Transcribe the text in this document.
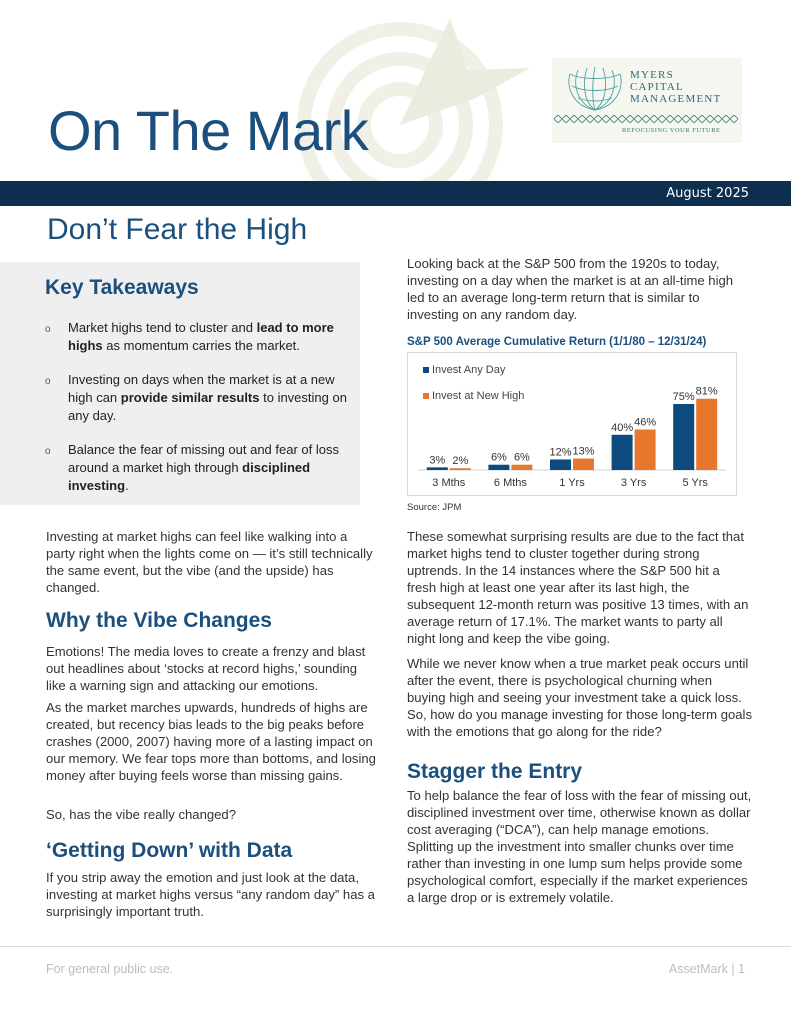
On The Mark
MYERS CAPITAL MANAGEMENT
REFOCUSING YOUR FUTURE
August 2025
Don’t Fear the High
Key Takeaways
o Market highs tend to cluster and lead to more highs as momentum carries the market.
o Investing on days when the market is at a new high can provide similar results to investing on any day.
o Balance the fear of missing out and fear of loss around a market high through disciplined investing.

Investing at market highs can feel like walking into a party right when the lights come on — it’s still technically the same event, but the vibe (and the upside) has changed.

Why the Vibe Changes

Emotions! The media loves to create a frenzy and blast out headlines about ‘stocks at record highs,’ sounding like a warning sign and attacking our emotions.

As the market marches upwards, hundreds of highs are created, but recency bias leads to the big peaks before crashes (2000, 2007) having more of a lasting impact on our memory. We fear tops more than bottoms, and losing money after buying feels worse than missing gains.

So, has the vibe really changed?

‘Getting Down’ with Data

If you strip away the emotion and just look at the data, investing at market highs versus “any random day” has a surprisingly important truth.

Looking back at the S&P 500 from the 1920s to today, investing on a day when the market is at an all-time high led to an average long-term return that is similar to investing on any random day.

S&P 500 Average Cumulative Return (1/1/80 – 12/31/24)
3% 2%
3 Mths
6% 6%
6 Mths
12% 13%
1 Yrs
40% 46%
3 Yrs
75% 81%
5 Yrs
Invest Any Day
Invest at New High
Source: JPM

These somewhat surprising results are due to the fact that market highs tend to cluster together during strong uptrends. In the 14 instances where the S&P 500 hit a fresh high at least one year after its last high, the subsequent 12-month return was positive 13 times, with an average return of 17.1%. The market wants to party all night long and keep the vibe going.

While we never know when a true market peak occurs until after the event, there is psychological churning when buying high and seeing your investment take a quick loss. So, how do you manage investing for those long-term goals with the emotions that go along for the ride?

Stagger the Entry

To help balance the fear of loss with the fear of missing out, disciplined investment over time, otherwise known as dollar cost averaging (“DCA”), can help manage emotions. Splitting up the investment into smaller chunks over time rather than investing in one lump sum helps provide some psychological comfort, especially if the market experiences a large drop or is extremely volatile.

For general public use.	AssetMark | 1
